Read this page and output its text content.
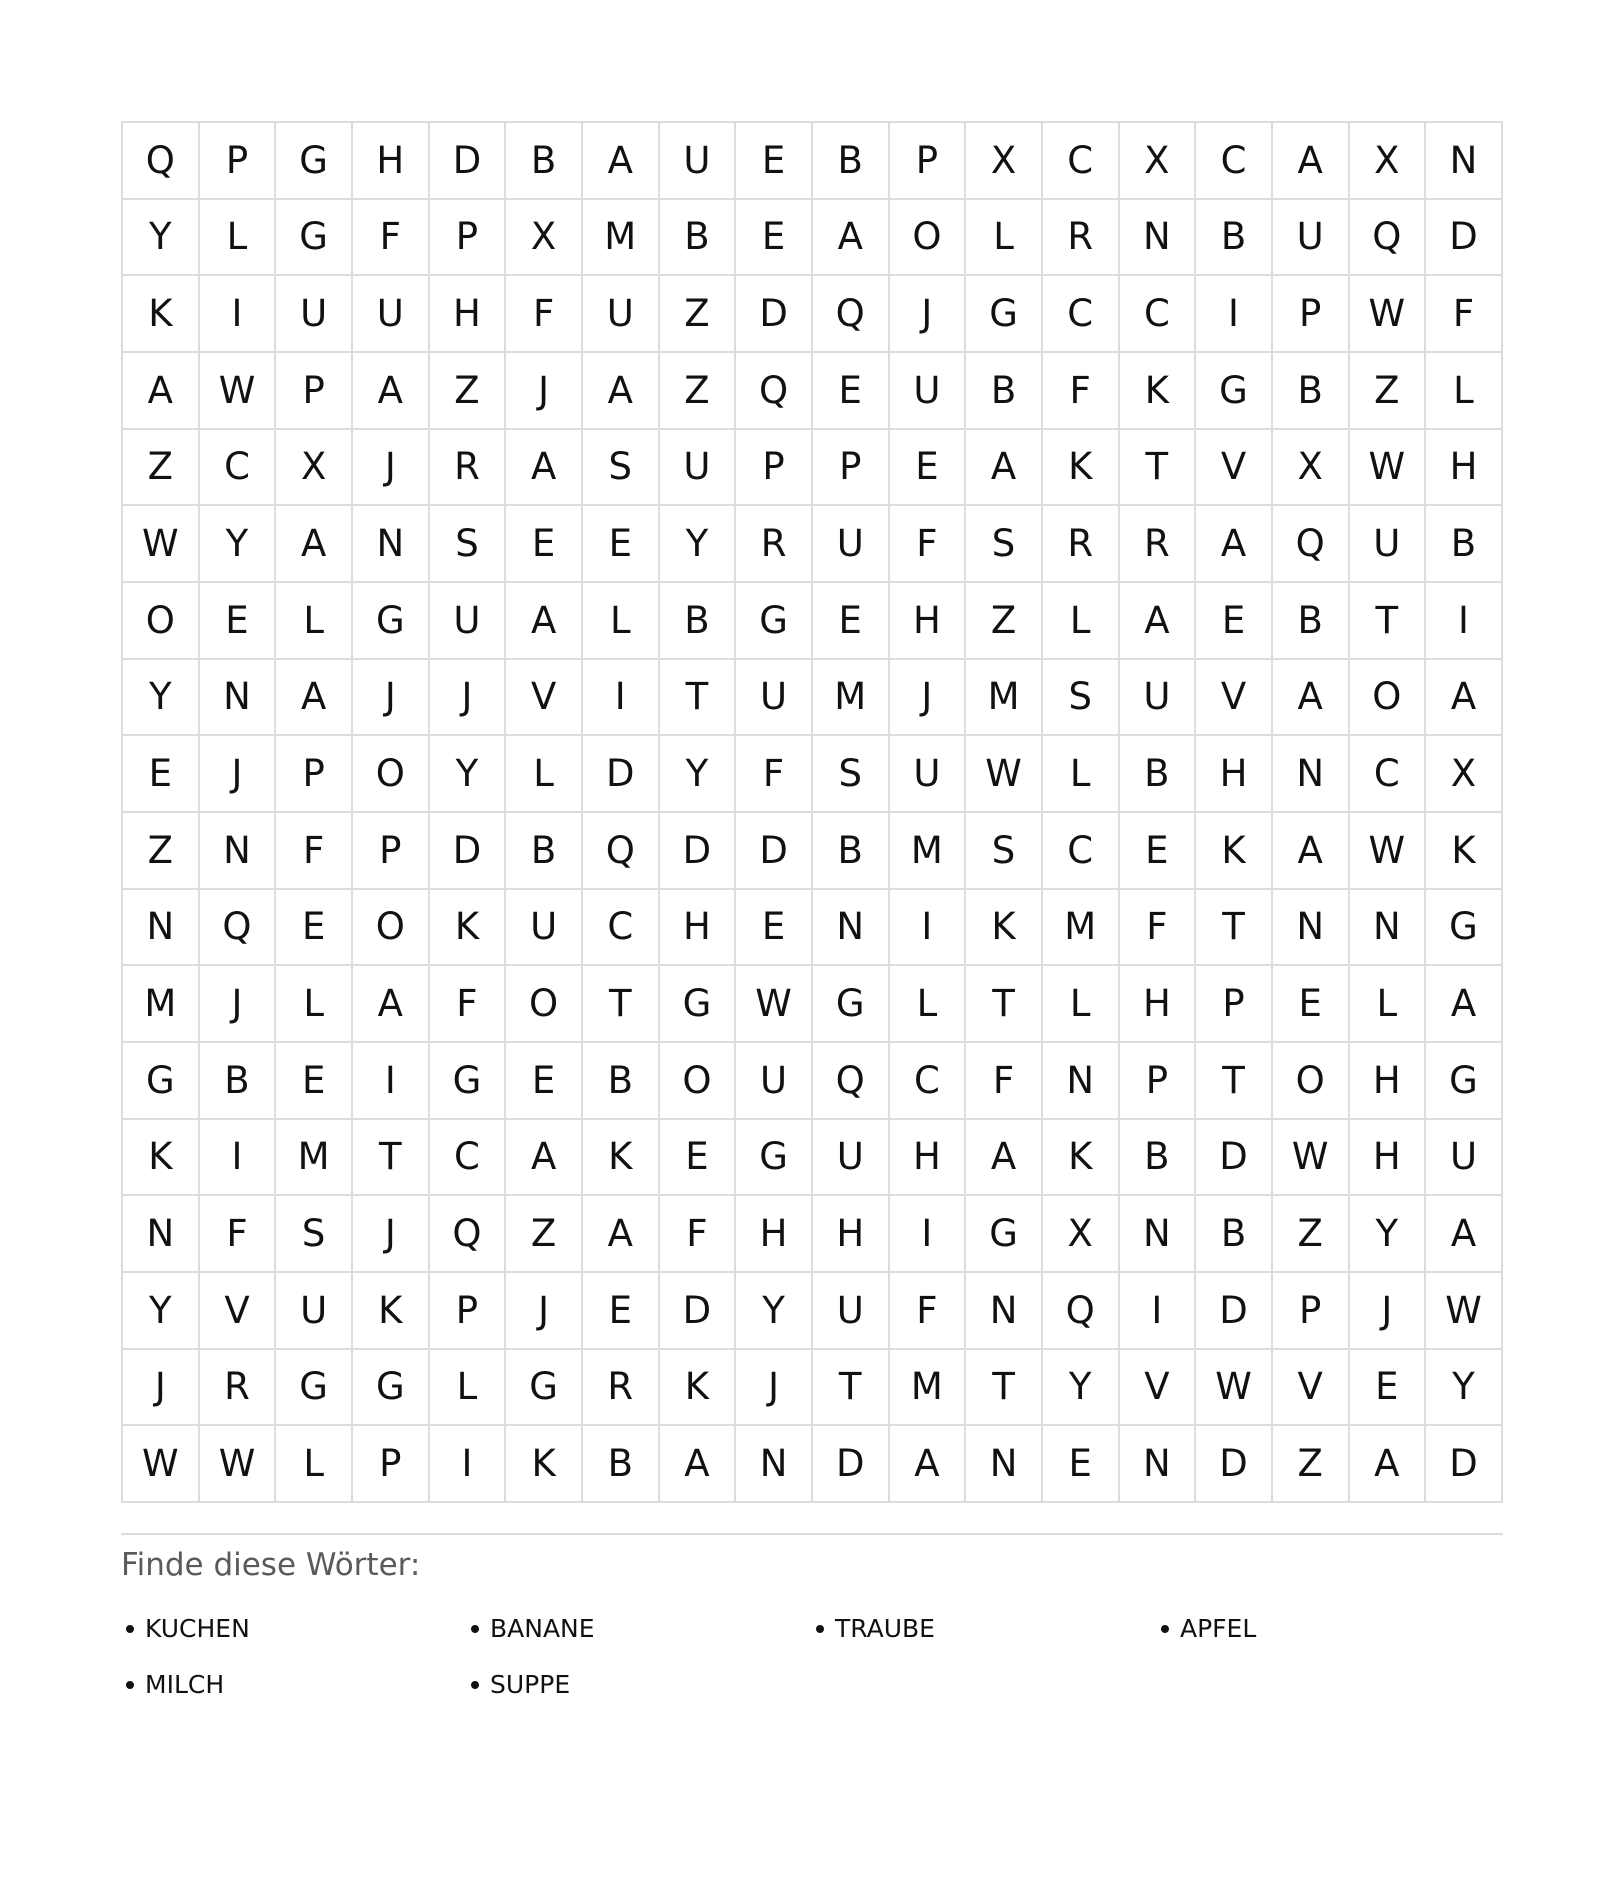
Q	P	G	H	D	B	A	U	E	B	P	X	C	X	C	A	X	N
Y	L	G	F	P	X	M	B	E	A	O	L	R	N	B	U	Q	D
K	I	U	U	H	F	U	Z	D	Q	J	G	C	C	I	P	W	F
A	W	P	A	Z	J	A	Z	Q	E	U	B	F	K	G	B	Z	L
Z	C	X	J	R	A	S	U	P	P	E	A	K	T	V	X	W	H
W	Y	A	N	S	E	E	Y	R	U	F	S	R	R	A	Q	U	B
O	E	L	G	U	A	L	B	G	E	H	Z	L	A	E	B	T	I
Y	N	A	J	J	V	I	T	U	M	J	M	S	U	V	A	O	A
E	J	P	O	Y	L	D	Y	F	S	U	W	L	B	H	N	C	X
Z	N	F	P	D	B	Q	D	D	B	M	S	C	E	K	A	W	K
N	Q	E	O	K	U	C	H	E	N	I	K	M	F	T	N	N	G
M	J	L	A	F	O	T	G	W	G	L	T	L	H	P	E	L	A
G	B	E	I	G	E	B	O	U	Q	C	F	N	P	T	O	H	G
K	I	M	T	C	A	K	E	G	U	H	A	K	B	D	W	H	U
N	F	S	J	Q	Z	A	F	H	H	I	G	X	N	B	Z	Y	A
Y	V	U	K	P	J	E	D	Y	U	F	N	Q	I	D	P	J	W
J	R	G	G	L	G	R	K	J	T	M	T	Y	V	W	V	E	Y
W	W	L	P	I	K	B	A	N	D	A	N	E	N	D	Z	A	D
Finde diese Wörter:
KUCHEN	BANANE	TRAUBE	APFEL
MILCH	SUPPE
